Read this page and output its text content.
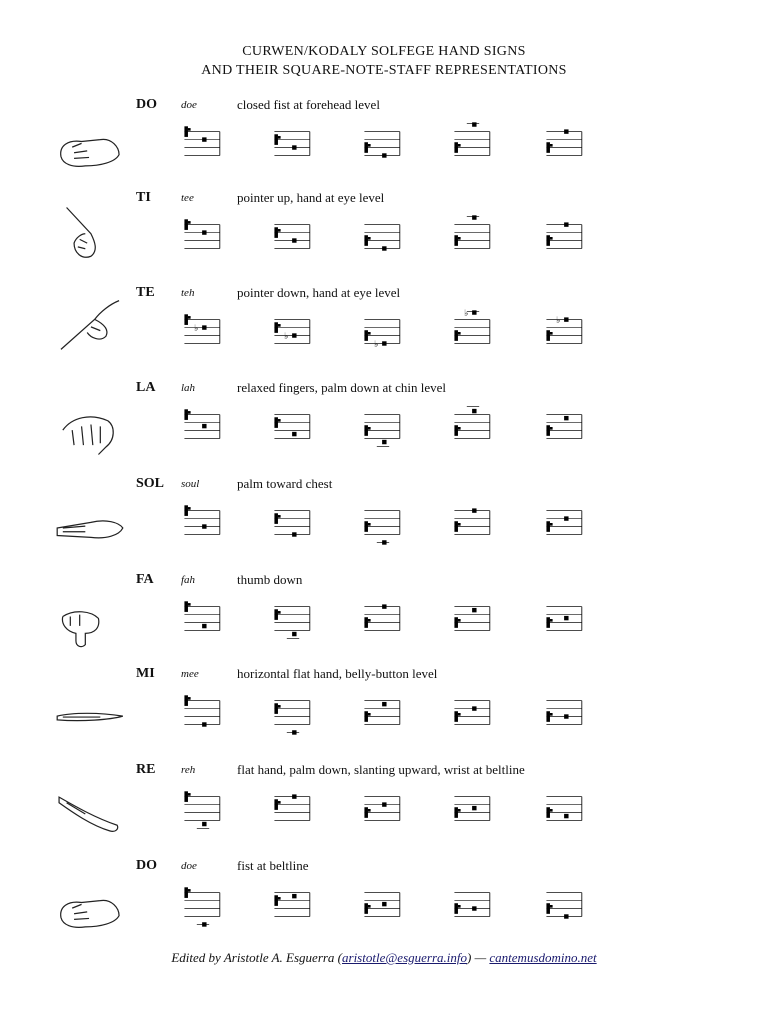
CURWEN/KODALY SOLFEGE HAND SIGNS
AND THEIR SQUARE-NOTE-STAFF REPRESENTATIONS
DO doe	closed fist at forehead level
TI	tee	pointer up, hand at eye level
TE teh	pointer down, hand at eye level
♭
♭
♭
♭
♭
LA lah	relaxed fingers, palm down at chin level
SOL soul	palm toward chest
FA fah	thumb down
MI mee	horizontal flat hand, belly-button level
RE reh	flat hand, palm down, slanting upward, wrist at beltline
DO doe	fist at beltline
Edited by Aristotle A. Esguerra (aristotle@esguerra.info) — cantemusdomino.net
